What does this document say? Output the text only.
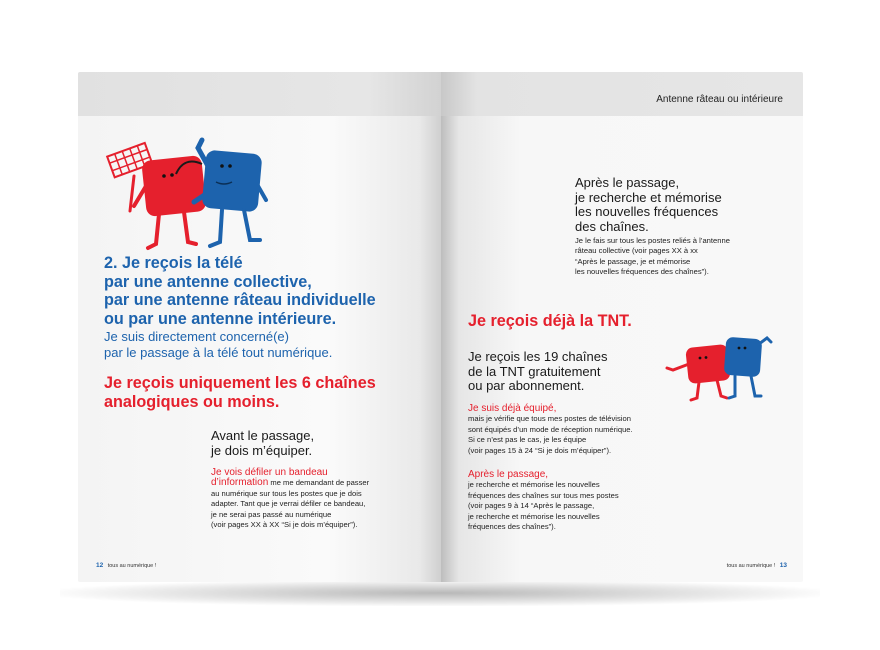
2. Je reçois la télé
par une antenne collective,
par une antenne râteau individuelle
ou par une antenne intérieure.
Je suis directement concerné(e)
par le passage à la télé tout numérique.
Je reçois uniquement les 6 chaînes
analogiques ou moins.
Avant le passage,
je dois m’équiper.
Je vois défiler un bandeau
d’information me me demandant de passer
au numérique sur tous les postes que je dois
adapter. Tant que je verrai défiler ce bandeau,
je ne serai pas passé au numérique
(voir pages XX à XX “Si je dois m’équiper”).
12 tous au numérique !
Antenne râteau ou intérieure
Après le passage,
je recherche et mémorise
les nouvelles fréquences
des chaînes.
Je le fais sur tous les postes reliés à l’antenne
râteau collective (voir pages XX à xx
“Après le passage, je et mémorise
les nouvelles fréquences des chaînes”).
Je reçois déjà la TNT.
Je reçois les 19 chaînes
de la TNT gratuitement
ou par abonnement.
Je suis déjà équipé,
mais je vérifie que tous mes postes de télévision
sont équipés d’un mode de réception numérique.
Si ce n’est pas le cas, je les équipe
(voir pages 15 à 24 “Si je dois m’équiper”).
Après le passage,
je recherche et mémorise les nouvelles
fréquences des chaînes sur tous mes postes
(voir pages 9 à 14 “Après le passage,
je recherche et mémorise les nouvelles
fréquences des chaînes”).
tous au numérique ! 13
